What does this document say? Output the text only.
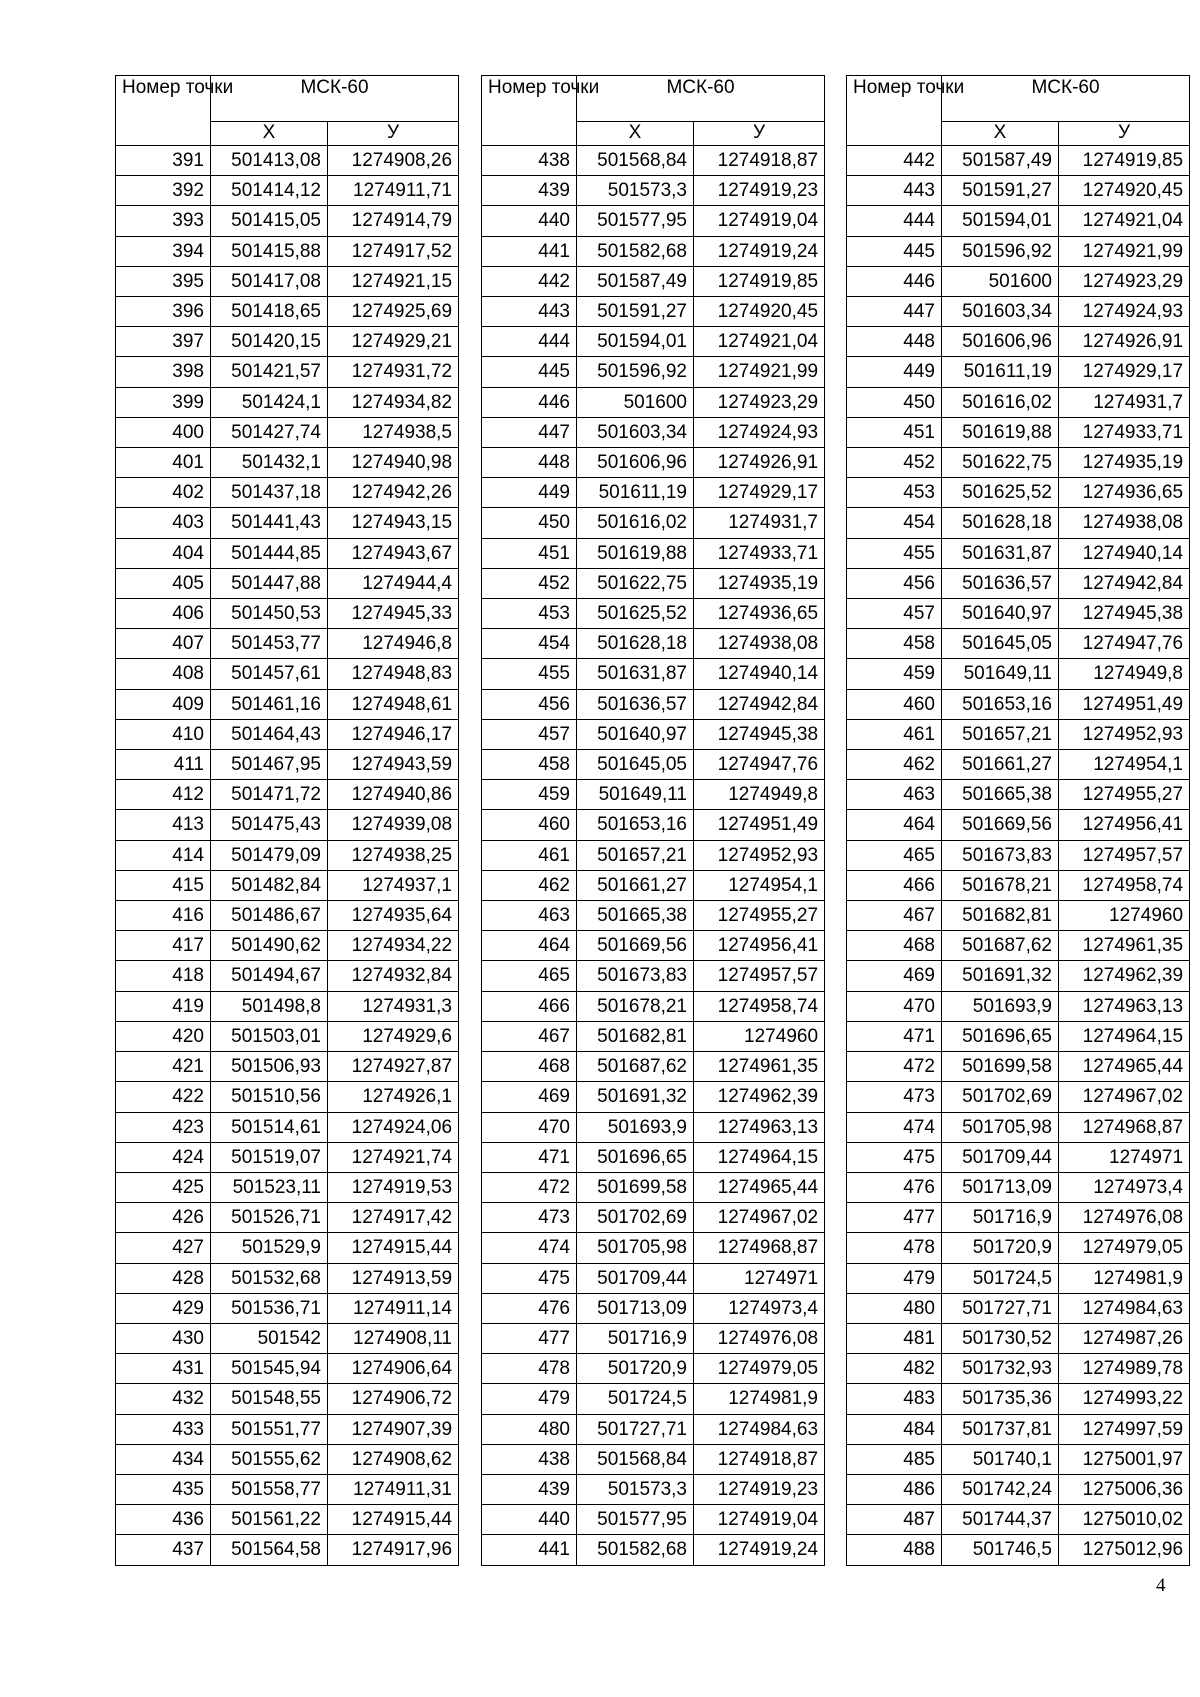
Номер точки	МСК-60	
	Х	У
391	501413,08	1274908,26
392	501414,12	1274911,71
393	501415,05	1274914,79
394	501415,88	1274917,52
395	501417,08	1274921,15
396	501418,65	1274925,69
397	501420,15	1274929,21
398	501421,57	1274931,72
399	501424,1	1274934,82
400	501427,74	1274938,5
401	501432,1	1274940,98
402	501437,18	1274942,26
403	501441,43	1274943,15
404	501444,85	1274943,67
405	501447,88	1274944,4
406	501450,53	1274945,33
407	501453,77	1274946,8
408	501457,61	1274948,83
409	501461,16	1274948,61
410	501464,43	1274946,17
411	501467,95	1274943,59
412	501471,72	1274940,86
413	501475,43	1274939,08
414	501479,09	1274938,25
415	501482,84	1274937,1
416	501486,67	1274935,64
417	501490,62	1274934,22
418	501494,67	1274932,84
419	501498,8	1274931,3
420	501503,01	1274929,6
421	501506,93	1274927,87
422	501510,56	1274926,1
423	501514,61	1274924,06
424	501519,07	1274921,74
425	501523,11	1274919,53
426	501526,71	1274917,42
427	501529,9	1274915,44
428	501532,68	1274913,59
429	501536,71	1274911,14
430	501542	1274908,11
431	501545,94	1274906,64
432	501548,55	1274906,72
433	501551,77	1274907,39
434	501555,62	1274908,62
435	501558,77	1274911,31
436	501561,22	1274915,44
437	501564,58	1274917,96
Номер точки	МСК-60	
	Х	У
438	501568,84	1274918,87
439	501573,3	1274919,23
440	501577,95	1274919,04
441	501582,68	1274919,24
442	501587,49	1274919,85
443	501591,27	1274920,45
444	501594,01	1274921,04
445	501596,92	1274921,99
446	501600	1274923,29
447	501603,34	1274924,93
448	501606,96	1274926,91
449	501611,19	1274929,17
450	501616,02	1274931,7
451	501619,88	1274933,71
452	501622,75	1274935,19
453	501625,52	1274936,65
454	501628,18	1274938,08
455	501631,87	1274940,14
456	501636,57	1274942,84
457	501640,97	1274945,38
458	501645,05	1274947,76
459	501649,11	1274949,8
460	501653,16	1274951,49
461	501657,21	1274952,93
462	501661,27	1274954,1
463	501665,38	1274955,27
464	501669,56	1274956,41
465	501673,83	1274957,57
466	501678,21	1274958,74
467	501682,81	1274960
468	501687,62	1274961,35
469	501691,32	1274962,39
470	501693,9	1274963,13
471	501696,65	1274964,15
472	501699,58	1274965,44
473	501702,69	1274967,02
474	501705,98	1274968,87
475	501709,44	1274971
476	501713,09	1274973,4
477	501716,9	1274976,08
478	501720,9	1274979,05
479	501724,5	1274981,9
480	501727,71	1274984,63
438	501568,84	1274918,87
439	501573,3	1274919,23
440	501577,95	1274919,04
441	501582,68	1274919,24
Номер точки	МСК-60	
	Х	У
442	501587,49	1274919,85
443	501591,27	1274920,45
444	501594,01	1274921,04
445	501596,92	1274921,99
446	501600	1274923,29
447	501603,34	1274924,93
448	501606,96	1274926,91
449	501611,19	1274929,17
450	501616,02	1274931,7
451	501619,88	1274933,71
452	501622,75	1274935,19
453	501625,52	1274936,65
454	501628,18	1274938,08
455	501631,87	1274940,14
456	501636,57	1274942,84
457	501640,97	1274945,38
458	501645,05	1274947,76
459	501649,11	1274949,8
460	501653,16	1274951,49
461	501657,21	1274952,93
462	501661,27	1274954,1
463	501665,38	1274955,27
464	501669,56	1274956,41
465	501673,83	1274957,57
466	501678,21	1274958,74
467	501682,81	1274960
468	501687,62	1274961,35
469	501691,32	1274962,39
470	501693,9	1274963,13
471	501696,65	1274964,15
472	501699,58	1274965,44
473	501702,69	1274967,02
474	501705,98	1274968,87
475	501709,44	1274971
476	501713,09	1274973,4
477	501716,9	1274976,08
478	501720,9	1274979,05
479	501724,5	1274981,9
480	501727,71	1274984,63
481	501730,52	1274987,26
482	501732,93	1274989,78
483	501735,36	1274993,22
484	501737,81	1274997,59
485	501740,1	1275001,97
486	501742,24	1275006,36
487	501744,37	1275010,02
488	501746,5	1275012,96
4
